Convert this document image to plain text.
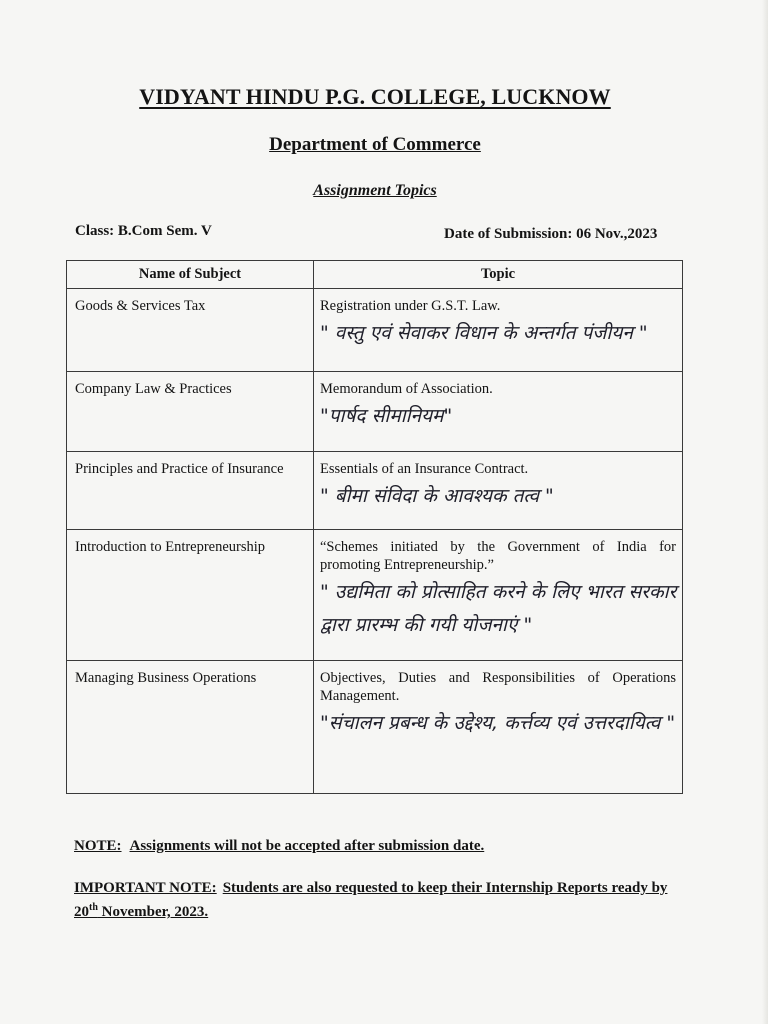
VIDYANT HINDU P.G. COLLEGE, LUCKNOW
Department of Commerce
Assignment Topics
Class: B.Com Sem. V	Date of Submission: 06 Nov.,2023
Name of Subject	Topic

Goods & Services Tax	Registration under G.S.T. Law.
" वस्तु एवं सेवाकर विधान के अन्तर्गत पंजीयन "

Company Law & Practices	Memorandum of Association.
"पार्षद सीमानियम"

Principles and Practice of Insurance	Essentials of an Insurance Contract.
" बीमा संविदा के आवश्यक तत्व "

Introduction to Entrepreneurship	“Schemes initiated by the Government of India for promoting Entrepreneurship.”
" उद्यमिता को प्रोत्साहित करने के लिए भारत सरकार द्वारा प्रारम्भ की गयी योजनाएं "

Managing Business Operations	Objectives, Duties and Responsibilities of Operations Management.
"संचालन प्रबन्ध के उद्देश्य, कर्त्तव्य एवं उत्तरदायित्व "
NOTE: Assignments will not be accepted after submission date.
IMPORTANT NOTE: Students are also requested to keep their Internship Reports ready by 20th November, 2023.
